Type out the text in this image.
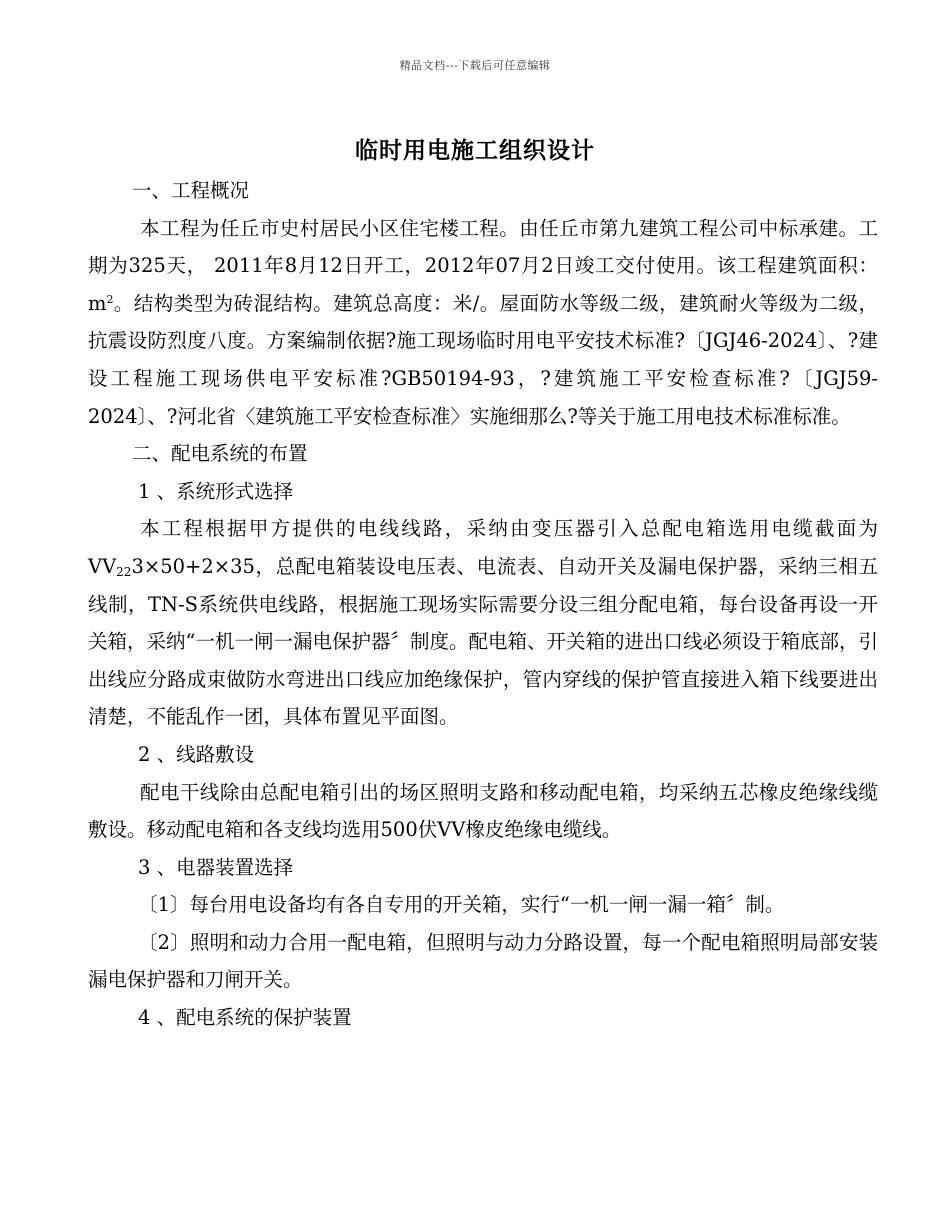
精品文档---下载后可任意编辑
临时用电施工组织设计

一、工程概况

本工程为任丘市史村居民小区住宅楼工程。由任丘市第九建筑工程公司中标承建。工期为325天， 2011年8月12日开工，2012年07月2日竣工交付使用。该工程建筑面积：$m^2$。结构类型为砖混结构。建筑总高度：米/。屋面防水等级二级，建筑耐火等级为二级，抗震设防烈度八度。方案编制依据?施工现场临时用电平安技术标准?〔JGJ46-2024〕、?建设工程施工现场供电平安标准?GB50194-93，?建筑施工平安检查标准?〔JGJ59-2024〕、?河北省〈建筑施工平安检查标准〉实施细那么?等关于施工用电技术标准标准。

二、配电系统的布置

1 、系统形式选择

本工程根据甲方提供的电线线路，采纳由变压器引入总配电箱选用电缆截面为$VV_{22}3\times 50+2\times 35$，总配电箱装设电压表、电流表、自动开关及漏电保护器，采纳三相五线制，TN-S系统供电线路，根据施工现场实际需要分设三组分配电箱，每台设备再设一开关箱，采纳“一机一闸一漏电保护器〞制度。配电箱、开关箱的进出口线必须设于箱底部，引出线应分路成束做防水弯进出口线应加绝缘保护，管内穿线的保护管直接进入箱下线要进出清楚，不能乱作一团，具体布置见平面图。

2 、线路敷设

配电干线除由总配电箱引出的场区照明支路和移动配电箱，均采纳五芯橡皮绝缘线缆敷设。移动配电箱和各支线均选用500伏VV橡皮绝缘电缆线。

3 、电器装置选择

〔1〕每台用电设备均有各自专用的开关箱，实行“一机一闸一漏一箱〞制。

〔2〕照明和动力合用一配电箱，但照明与动力分路设置，每一个配电箱照明局部安装漏电保护器和刀闸开关。

4 、配电系统的保护装置
